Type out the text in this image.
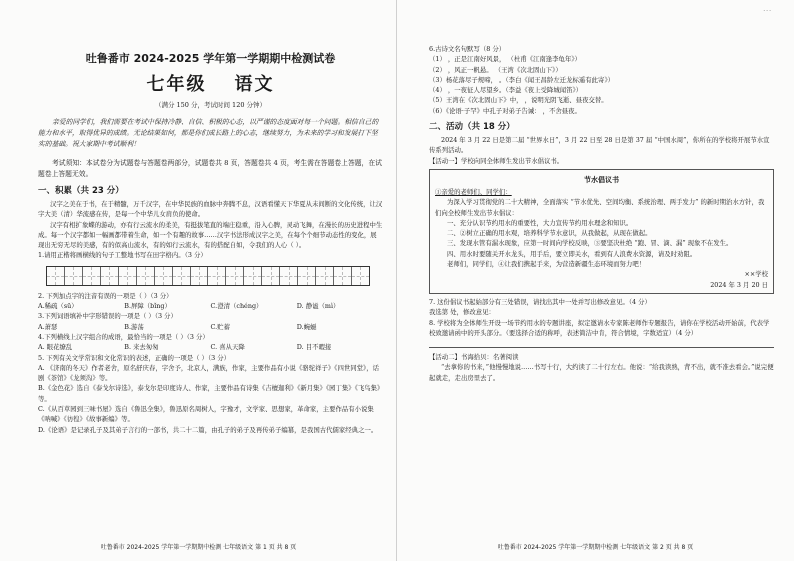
···
吐鲁番市 2024-2025 学年第一学期期中检测试卷
七年级 语文
（满分 150 分，考试时间 120 分钟）

亲爱的同学们，我们需要在考试中保持冷静、自信、积极的心态，以严谨的态度面对每一个问题。相信自己的能力和水平，取得优异的成绩。无论结果如何，都是你们成长路上的心志，继续努力，为未来的学习和发展打下坚实的基础。祝大家期中考试顺利！

考试须知：本试卷分为试题卷与答题卷两部分，试题卷共 8 页，答题卷共 4 页，考生需在答题卷上答题，在试题卷上答题无效。

一、积累（共 23 分）

汉字之美在于书，在于精髓，万千汉字，在中华民族的血脉中奔腾不息，汉语看懂天下华夏从未间断的文化传统，让汉字大美（清）华流感在传，是每一个中华儿女肩负的使命。

汉字有相扩象蝶的游动，亦有行云流水的柔美，有挺拔笔直的端庄稳重，沿入心脾，灵动飞舞，在漫长的历史进程中生成。每一个汉字都如一幅画都带着生命，如一个有趣的故事……汉字书法形成汉字之美，在每个个细节动态性的变化，展现出无穷无尽的美感，有的似高山流水，有的如行云流水，有的搭配自如，令我们的人心（ ）。

1.请用正楷将画横线的句子工整地书写在田字格内。（3 分）

2. 下列加点字的注音有误的一项是（ ）（3 分）

A.稀疏（sū）	B.屏障（bǐng）	C.澄清（chéng）	D. 静谧（mì）

3.下列词语填补中字形错误的一项是（ ）（3 分）

A.萧瑟	B.游荡	C.贮蓄	D.蜿蜒

4.下列横线上汉字组合的成语，最恰当的一项是（ ）（3 分）

A. 眼花缭乱	B. 来去匆匆	C. 喜从天降	D. 目不暇接

5. 下列有关文学常识和文化常识的表述，正确的一项是（ ）（3 分）

A. 《济南的冬天》作者老舍，原名舒庆春，字舍予，北京人，满族，作家，主要作品有小说《骆驼祥子》《四世同堂》，话剧《茶馆》《龙须沟》等。

B.《金色花》选自《泰戈尔诗选》，泰戈尔是印度诗人、作家，主要作品有诗集《吉檀迦利》《新月集》《园丁集》《飞鸟集》等。

C.《从百草园到三味书屋》选自《鲁迅全集》，鲁迅原名周树人，字豫才，文学家、思想家，革命家，主要作品有小说集《呐喊》《彷徨》《故事新编》等。

D.《论语》是记录孔子及其弟子言行的一部书，共二十二篇，由孔子的弟子及再传弟子编纂，是我国古代儒家经典之一。

吐鲁番市 2024-2025 学年第一学期期中检测 七年级语文 第 1 页 共 8 页

6.古诗文名句默写（8 分）

（1） ，正是江南好风景， （杜甫《江南逢李龟年》）

（2） ，风正一帆悬。 （王湾《次北固山下》）

（3）杨花落尽子规啼， 。（李白《闻王昌龄左迁龙标遥有此寄》）

（4） ，一夜征人尽望乡。（李益《夜上受降城闻笛》）

（5）王湾在《次北固山下》中， ，说明光阴飞逝、昼夜交替。

（6）《论语·子罕》中孔子对弟子告诫： ，不舍昼夜。

二、活动（共 18 分）

2024 年 3 月 22 日是第二届 “世界水日”，3 月 22 日至 28 日是第 37 届 “中国水周”，你所在的学校将开展节水宣传系列活动。

【活动一】学校向同全体师生发出节水倡议书。

节水倡议书

①亲爱的老师们、同学们：

为深入学习贯彻党的二十大精神，全面落实 “节水优先、空间均衡、系统治理、两手发力” 的新时期治水方针，我们向全校师生发出节水倡议：

一、充分认识节约用水的重要性，大力宣传节约用水理念和知识。

二、②树立正确的用水观，培养科学节水意识，从我做起，从现在做起。

三、发现水管有漏水现象，应第一时间向学校反映，③要坚决杜绝 “跑、冒、滴、漏” 现象不在发生。

四、用水时要随关开水龙头，用手后，要立即关水，看到有人浪费水资源，请及时劝阻。

老师们，同学们，④让我们携起手来，为营造新疆生态环境而努力吧！

××学校

2024 年 3 月 20 日

7. 这份倡议书起始部分有三处错误，请找出其中一处并写出修改意见。（4 分）

我选第 处，修改意见：

8. 学校将为全体师生开设一场节约用水的专题讲座，拟定邀请水专家陈老师作专题报告，请你在学校活动开始前，代表学校致邀请函中的开头部分。（要选择合适的称呼，表述简洁中肯，符合情境，字数适宜）（4 分）

【活动二】书海拾贝：名著阅读

“去拿你的书来，”他慢慢地说……书写十行，大约读了二十行左右。他说：“给我读熟，背不出，就不准去看会。”说完便起就走，走出房里去了。

吐鲁番市 2024-2025 学年第一学期期中检测 七年级语文 第 2 页 共 8 页
